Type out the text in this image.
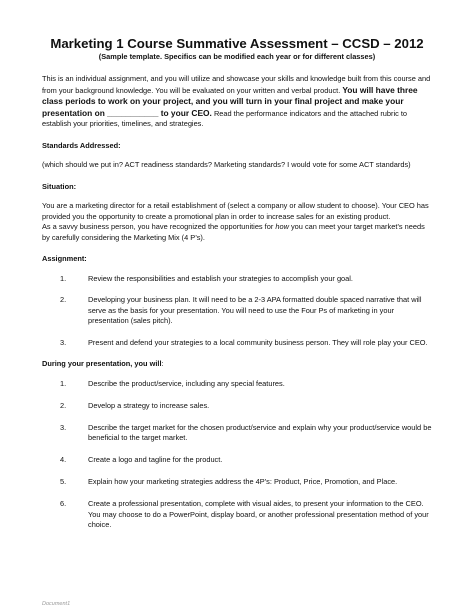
Marketing 1 Course Summative Assessment – CCSD – 2012
(Sample template. Specifics can be modified each year or for different classes)

This is an individual assignment, and you will utilize and showcase your skills and knowledge built from this course and from your background knowledge. You will be evaluated on your written and verbal product. You will have three class periods to work on your project, and you will turn in your final project and make your presentation on ___________ to your CEO. Read the performance indicators and the attached rubric to establish your priorities, timelines, and strategies.

Standards Addressed:

(which should we put in? ACT readiness standards? Marketing standards? I would vote for some ACT standards)

Situation:

You are a marketing director for a retail establishment of (select a company or allow student to choose). Your CEO has provided you the opportunity to create a promotional plan in order to increase sales for an existing product.

As a savvy business person, you have recognized the opportunities for how you can meet your target market’s needs by carefully considering the Marketing Mix (4 P’s).

Assignment:
1.	Review the responsibilities and establish your strategies to accomplish your goal.
2.	Developing your business plan. It will need to be a 2-3 APA formatted double spaced narrative that will serve as the basis for your presentation. You will need to use the Four Ps of marketing in your presentation (sales pitch).
3.	Present and defend your strategies to a local community business person. They will role play your CEO.
During your presentation, you will:
1.	Describe the product/service, including any special features.
2.	Develop a strategy to increase sales.
3.	Describe the target market for the chosen product/service and explain why your product/service would be beneficial to the target market.
4.	Create a logo and tagline for the product.
5.	Explain how your marketing strategies address the 4P’s: Product, Price, Promotion, and Place.
6.	Create a professional presentation, complete with visual aides, to present your information to the CEO. You may choose to do a PowerPoint, display board, or another professional presentation method of your choice.
Document1
